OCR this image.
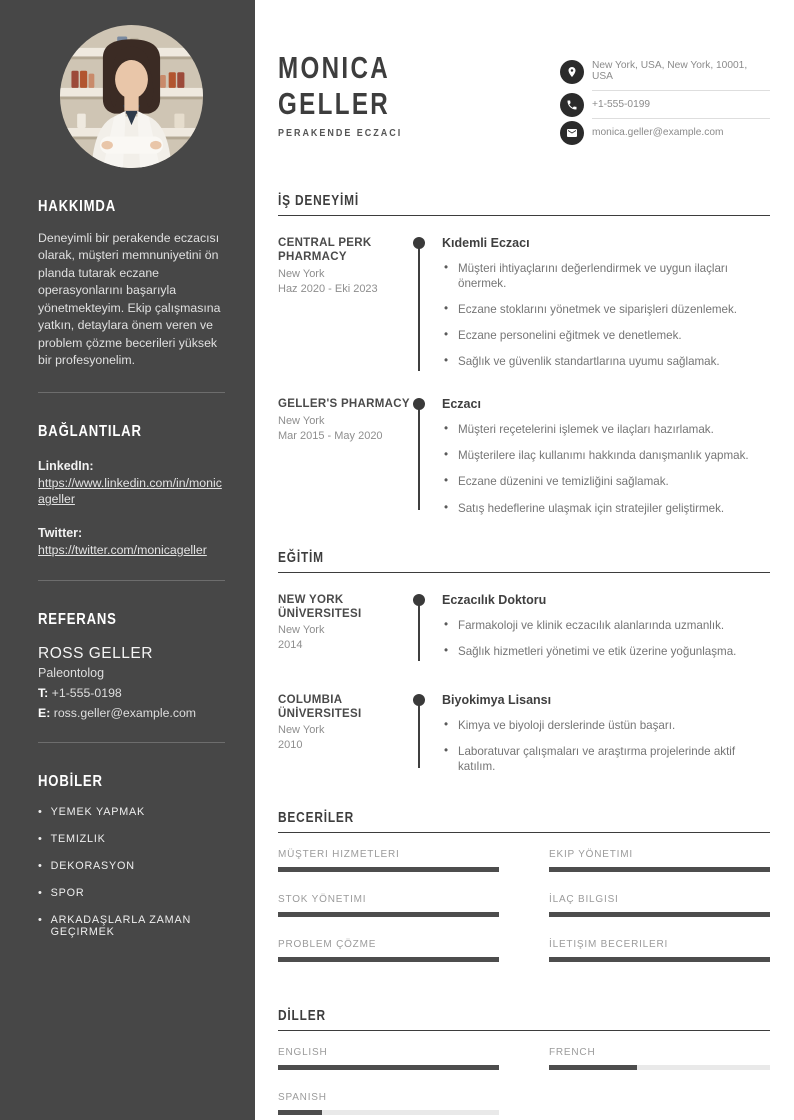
HAKKIMDA

Deneyimli bir perakende eczacısı olarak, müşteri memnuniyetini ön planda tutarak eczane operasyonlarını başarıyla yönetmekteyim. Ekip çalışmasına yatkın, detaylara önem veren ve problem çözme becerileri yüksek bir profesyonelim.

BAĞLANTILAR
LinkedIn:
https://www.linkedin.com/in/monicageller
Twitter:
https://twitter.com/monicageller
REFERANS
ROSS GELLER
Paleontolog
T: +1-555-0198
E: ross.geller@example.com
HOBİLER
• YEMEK YAPMAK
• TEMIZLIK
• DEKORASYON
• SPOR
• ARKADAŞLARLA ZAMAN GEÇIRMEK
MONICA
GELLER
PERAKENDE ECZACI
New York, USA, New York, 10001, USA
+1-555-0199
monica.geller@example.com
İŞ DENEYİMİ
CENTRAL PERK PHARMACY
New York
Haz 2020 - Eki 2023
Kıdemli Eczacı
• Müşteri ihtiyaçlarını değerlendirmek ve uygun ilaçları önermek.
• Eczane stoklarını yönetmek ve siparişleri düzenlemek.
• Eczane personelini eğitmek ve denetlemek.
• Sağlık ve güvenlik standartlarına uyumu sağlamak.
GELLER'S PHARMACY
New York
Mar 2015 - May 2020
Eczacı
• Müşteri reçetelerini işlemek ve ilaçları hazırlamak.
• Müşterilere ilaç kullanımı hakkında danışmanlık yapmak.
• Eczane düzenini ve temizliğini sağlamak.
• Satış hedeflerine ulaşmak için stratejiler geliştirmek.
EĞİTİM
NEW YORK ÜNİVERSITESI
New York
2014
Eczacılık Doktoru
• Farmakoloji ve klinik eczacılık alanlarında uzmanlık.
• Sağlık hizmetleri yönetimi ve etik üzerine yoğunlaşma.
COLUMBIA ÜNİVERSITESI
New York
2010
Biyokimya Lisansı
• Kimya ve biyoloji derslerinde üstün başarı.
• Laboratuvar çalışmaları ve araştırma projelerinde aktif katılım.
BECERİLER
MÜŞTERI HIZMETLERI	EKIP YÖNETIMI
STOK YÖNETIMI	İLAÇ BILGISI
PROBLEM ÇÖZME	İLETIŞIM BECERILERI
DİLLER
ENGLISH	FRENCH
SPANISH
